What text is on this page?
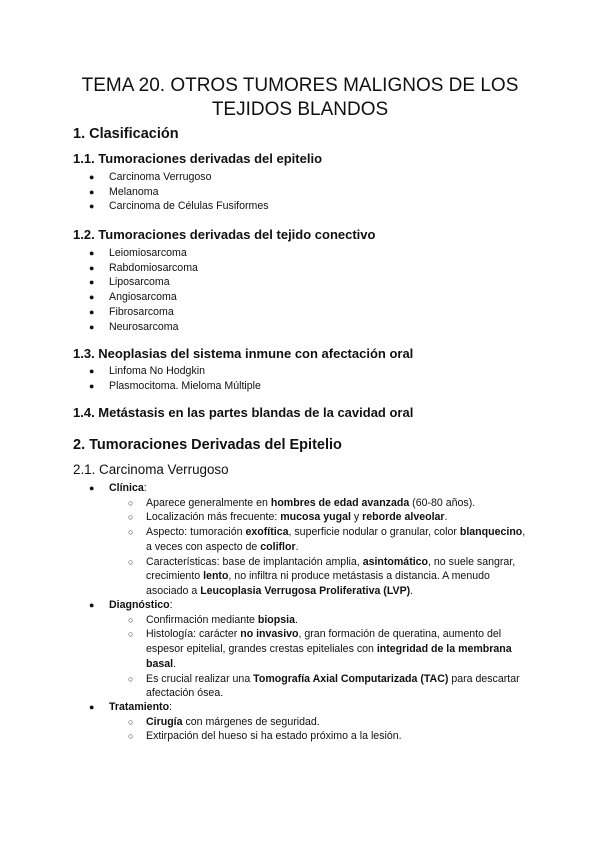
TEMA 20. OTROS TUMORES MALIGNOS DE LOS
TEJIDOS BLANDOS
1. Clasificación
1.1. Tumoraciones derivadas del epitelio
● Carcinoma Verrugoso
● Melanoma
● Carcinoma de Células Fusiformes
1.2. Tumoraciones derivadas del tejido conectivo
● Leiomiosarcoma
● Rabdomiosarcoma
● Liposarcoma
● Angiosarcoma
● Fibrosarcoma
● Neurosarcoma
1.3. Neoplasias del sistema inmune con afectación oral
● Linfoma No Hodgkin
● Plasmocitoma. Mieloma Múltiple
1.4. Metástasis en las partes blandas de la cavidad oral
2. Tumoraciones Derivadas del Epitelio
2.1. Carcinoma Verrugoso
● Clínica:
○ Aparece generalmente en hombres de edad avanzada (60-80 años).
○ Localización más frecuente: mucosa yugal y reborde alveolar.
○ Aspecto: tumoración exofítica, superficie nodular o granular, color blanquecino, a veces con aspecto de coliflor.
○ Características: base de implantación amplia, asintomático, no suele sangrar, crecimiento lento, no infiltra ni produce metástasis a distancia. A menudo asociado a Leucoplasia Verrugosa Proliferativa (LVP).
● Diagnóstico:
○ Confirmación mediante biopsia.
○ Histología: carácter no invasivo, gran formación de queratina, aumento del espesor epitelial, grandes crestas epiteliales con integridad de la membrana basal.
○ Es crucial realizar una Tomografía Axial Computarizada (TAC) para descartar afectación ósea.
● Tratamiento:
○ Cirugía con márgenes de seguridad.
○ Extirpación del hueso si ha estado próximo a la lesión.
